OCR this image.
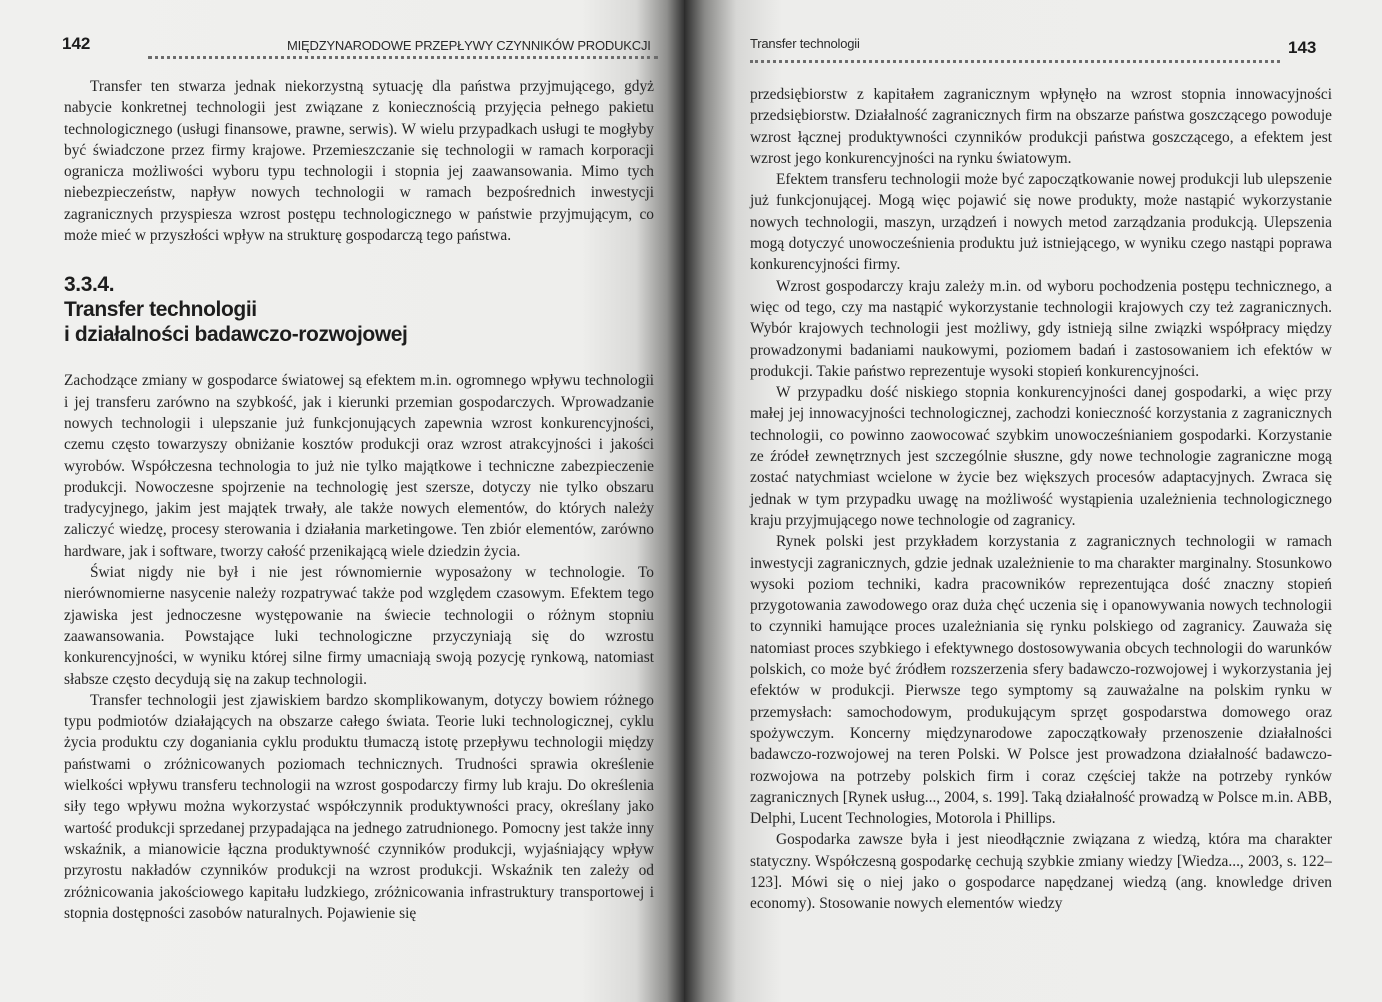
142	MIĘDZYNARODOWE PRZEPŁYWY CZYNNIKÓW PRODUKCJI

Transfer ten stwarza jednak niekorzystną sytuację dla państwa przyjmującego, gdyż nabycie konkretnej technologii jest związane z koniecznością przyjęcia pełnego pakietu technologicznego (usługi finansowe, prawne, serwis). W wielu przypadkach usługi te mogłyby być świadczone przez firmy krajowe. Przemieszczanie się technologii w ramach korporacji ogranicza możliwości wyboru typu technologii i stopnia jej zaawansowania. Mimo tych niebezpieczeństw, napływ nowych technologii w ramach bezpośrednich inwestycji zagranicznych przyspiesza wzrost postępu technologicznego w państwie przyjmującym, co może mieć w przyszłości wpływ na strukturę gospodarczą tego państwa.

3.3.4.
Transfer technologii
i działalności badawczo-rozwojowej

Zachodzące zmiany w gospodarce światowej są efektem m.in. ogromnego wpływu technologii i jej transferu zarówno na szybkość, jak i kierunki przemian gospodarczych. Wprowadzanie nowych technologii i ulepszanie już funkcjonujących zapewnia wzrost konkurencyjności, czemu często towarzyszy obniżanie kosztów produkcji oraz wzrost atrakcyjności i jakości wyrobów. Współczesna technologia to już nie tylko majątkowe i techniczne zabezpieczenie produkcji. Nowoczesne spojrzenie na technologię jest szersze, dotyczy nie tylko obszaru tradycyjnego, jakim jest majątek trwały, ale także nowych elementów, do których należy zaliczyć wiedzę, procesy sterowania i działania marketingowe. Ten zbiór elementów, zarówno hardware, jak i software, tworzy całość przenikającą wiele dziedzin życia.

Świat nigdy nie był i nie jest równomiernie wyposażony w technologie. To nierównomierne nasycenie należy rozpatrywać także pod względem czasowym. Efektem tego zjawiska jest jednoczesne występowanie na świecie technologii o różnym stopniu zaawansowania. Powstające luki technologiczne przyczyniają się do wzrostu konkurencyjności, w wyniku której silne firmy umacniają swoją pozycję rynkową, natomiast słabsze często decydują się na zakup technologii.

Transfer technologii jest zjawiskiem bardzo skomplikowanym, dotyczy bowiem różnego typu podmiotów działających na obszarze całego świata. Teorie luki technologicznej, cyklu życia produktu czy doganiania cyklu produktu tłumaczą istotę przepływu technologii między państwami o zróżnicowanych poziomach technicznych. Trudności sprawia określenie wielkości wpływu transferu technologii na wzrost gospodarczy firmy lub kraju. Do określenia siły tego wpływu można wykorzystać współczynnik produktywności pracy, określany jako wartość produkcji sprzedanej przypadająca na jednego zatrudnionego. Pomocny jest także inny wskaźnik, a mianowicie łączna produktywność czynników produkcji, wyjaśniający wpływ przyrostu nakładów czynników produkcji na wzrost produkcji. Wskaźnik ten zależy od zróżnicowania jakościowego kapitału ludzkiego, zróżnicowania infrastruktury transportowej i stopnia dostępności zasobów naturalnych. Pojawienie się

Transfer technologii	143

przedsiębiorstw z kapitałem zagranicznym wpłynęło na wzrost stopnia innowacyjności przedsiębiorstw. Działalność zagranicznych firm na obszarze państwa goszczącego powoduje wzrost łącznej produktywności czynników produkcji państwa goszczącego, a efektem jest wzrost jego konkurencyjności na rynku światowym.

Efektem transferu technologii może być zapoczątkowanie nowej produkcji lub ulepszenie już funkcjonującej. Mogą więc pojawić się nowe produkty, może nastąpić wykorzystanie nowych technologii, maszyn, urządzeń i nowych metod zarządzania produkcją. Ulepszenia mogą dotyczyć unowocześnienia produktu już istniejącego, w wyniku czego nastąpi poprawa konkurencyjności firmy.

Wzrost gospodarczy kraju zależy m.in. od wyboru pochodzenia postępu technicznego, a więc od tego, czy ma nastąpić wykorzystanie technologii krajowych czy też zagranicznych. Wybór krajowych technologii jest możliwy, gdy istnieją silne związki współpracy między prowadzonymi badaniami naukowymi, poziomem badań i zastosowaniem ich efektów w produkcji. Takie państwo reprezentuje wysoki stopień konkurencyjności.

W przypadku dość niskiego stopnia konkurencyjności danej gospodarki, a więc przy małej jej innowacyjności technologicznej, zachodzi konieczność korzystania z zagranicznych technologii, co powinno zaowocować szybkim unowocześnianiem gospodarki. Korzystanie ze źródeł zewnętrznych jest szczególnie słuszne, gdy nowe technologie zagraniczne mogą zostać natychmiast wcielone w życie bez większych procesów adaptacyjnych. Zwraca się jednak w tym przypadku uwagę na możliwość wystąpienia uzależnienia technologicznego kraju przyjmującego nowe technologie od zagranicy.

Rynek polski jest przykładem korzystania z zagranicznych technologii w ramach inwestycji zagranicznych, gdzie jednak uzależnienie to ma charakter marginalny. Stosunkowo wysoki poziom techniki, kadra pracowników reprezentująca dość znaczny stopień przygotowania zawodowego oraz duża chęć uczenia się i opanowywania nowych technologii to czynniki hamujące proces uzależniania się rynku polskiego od zagranicy. Zauważa się natomiast proces szybkiego i efektywnego dostosowywania obcych technologii do warunków polskich, co może być źródłem rozszerzenia sfery badawczo-rozwojowej i wykorzystania jej efektów w produkcji. Pierwsze tego symptomy są zauważalne na polskim rynku w przemysłach: samochodowym, produkującym sprzęt gospodarstwa domowego oraz spożywczym. Koncerny międzynarodowe zapoczątkowały przenoszenie działalności badawczo-rozwojowej na teren Polski. W Polsce jest prowadzona działalność badawczo-rozwojowa na potrzeby polskich firm i coraz częściej także na potrzeby rynków zagranicznych [Rynek usług..., 2004, s. 199]. Taką działalność prowadzą w Polsce m.in. ABB, Delphi, Lucent Technologies, Motorola i Phillips.

Gospodarka zawsze była i jest nieodłącznie związana z wiedzą, która ma charakter statyczny. Współczesną gospodarkę cechują szybkie zmiany wiedzy [Wiedza..., 2003, s. 122–123]. Mówi się o niej jako o gospodarce napędzanej wiedzą (ang. knowledge driven economy). Stosowanie nowych elementów wiedzy
